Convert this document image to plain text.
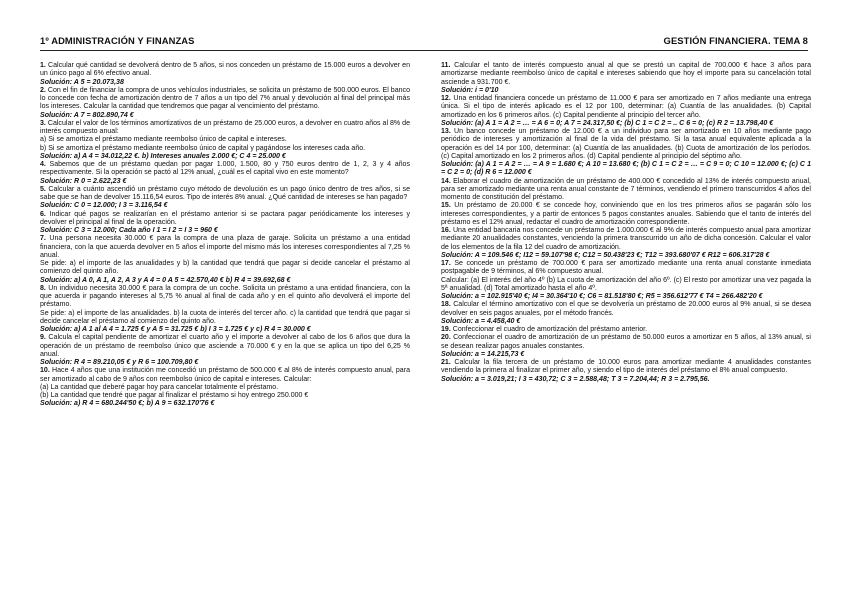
1º ADMINISTRACIÓN Y FINANZAS	GESTIÓN FINANCIERA. TEMA 8

1. Calcular qué cantidad se devolverá dentro de 5 años, si nos conceden un préstamo de 15.000 euros a devolver en un único pago al 6% efectivo anual.

Solución: A 5 = 20.073,38

2. Con el fin de financiar la compra de unos vehículos industriales, se solicita un préstamo de 500.000 euros. El banco lo concede con fecha de amortización dentro de 7 años a un tipo del 7% anual y devolución al final del principal más los intereses. Calcular la cantidad que tendremos que pagar al vencimiento del préstamo.

Solución: A 7 = 802.890,74 €

3. Calcular el valor de los términos amortizativos de un préstamo de 25.000 euros, a devolver en cuatro años al 8% de interés compuesto anual:

a) Si se amortiza el préstamo mediante reembolso único de capital e intereses.

b) Si se amortiza el préstamo mediante reembolso único de capital y pagándose los intereses cada año.

Solución: a) A 4 = 34.012,22 €. b) Intereses anuales 2.000 €; C 4 = 25.000 €

4. Sabemos que de un préstamo quedan por pagar 1.000, 1.500, 80 y 750 euros dentro de 1, 2, 3 y 4 años respectivamente. Si la operación se pactó al 12% anual, ¿cuál es el capital vivo en este momento?

Solución: R 0 = 2.622,23 €

5. Calcular a cuánto ascendió un préstamo cuyo método de devolución es un pago único dentro de tres años, si se sabe que se han de devolver 15.116,54 euros. Tipo de interés 8% anual. ¿Qué cantidad de intereses se han pagado?

Solución: C 0 = 12.000; I 3 = 3.116,54 €

6. Indicar qué pagos se realizarían en el préstamo anterior si se pactara pagar periódicamente los intereses y devolver el principal al final de la operación.

Solución: C 3 = 12.000; Cada año I 1 = I 2 = I 3 = 960 €

7. Una persona necesita 30.000 € para la compra de una plaza de garaje. Solicita un préstamo a una entidad financiera, con la que acuerda devolver en 5 años el importe del mismo más los intereses correspondientes al 7,25 % anual.

Se pide: a) el importe de las anualidades y b) la cantidad que tendrá que pagar si decide cancelar el préstamo al comienzo del quinto año.

Solución: a) A 0, A 1, A 2, A 3 y A 4 = 0 A 5 = 42.570,40 € b) R 4 = 39.692,68 €

8. Un individuo necesita 30.000 € para la compra de un coche. Solicita un préstamo a una entidad financiera, con la que acuerda ir pagando intereses al 5,75 % anual al final de cada año y en el quinto año devolverá el importe del préstamo.

Se pide: a) el importe de las anualidades. b) la cuota de interés del tercer año. c) la cantidad que tendrá que pagar si decide cancelar el préstamo al comienzo del quinto año.

Solución: a) A 1 al A 4 = 1.725 € y A 5 = 31.725 € b) I 3 = 1.725 € y c) R 4 = 30.000 €

9. Calcula el capital pendiente de amortizar el cuarto año y el importe a devolver al cabo de los 6 años que dura la operación de un préstamo de reembolso único que asciende a 70.000 € y en la que se aplica un tipo del 6,25 % anual.

Solución: R 4 = 89.210,05 € y R 6 = 100.709,80 €

10. Hace 4 años que una institución me concedió un préstamo de 500.000 € al 8% de interés compuesto anual, para ser amortizado al cabo de 9 años con reembolso único de capital e intereses. Calcular:

(a) La cantidad que deberé pagar hoy para cancelar totalmente el préstamo.

(b) La cantidad que tendré que pagar al finalizar el préstamo si hoy entrego 250.000 €

Solución: a) R 4 = 680.244'50 €; b) A 9 = 632.170'76 €

11. Calcular el tanto de interés compuesto anual al que se prestó un capital de 700.000 € hace 3 años para amortizarse mediante reembolso único de capital e intereses sabiendo que hoy el importe para su cancelación total asciende a 931.700 €.

Solución: i = 0'10

12. Una entidad financiera concede un préstamo de 11.000 € para ser amortizado en 7 años mediante una entrega única. Si el tipo de interés aplicado es el 12 por 100, determinar: (a) Cuantía de las anualidades. (b) Capital amortizado en los 6 primeros años. (c) Capital pendiente al principio del tercer año.

Solución: (a) A 1 = A 2 = … = A 6 = 0; A 7 = 24.317,50 €; (b) C 1 = C 2 = .. C 6 = 0; (c) R 2 = 13.798,40 €

13. Un banco concede un préstamo de 12.000 € a un individuo para ser amortizado en 10 años mediante pago periódico de intereses y amortización al final de la vida del préstamo. Si la tasa anual equivalente aplicada a la operación es del 14 por 100, determinar: (a) Cuantía de las anualidades. (b) Cuota de amortización de los períodos. (c) Capital amortizado en los 2 primeros años. (d) Capital pendiente al principio del séptimo año.

Solución: (a) A 1 = A 2 = … = A 9 = 1.680 €; A 10 = 13.680 €; (b) C 1 = C 2 = … = C 9 = 0; C 10 = 12.000 €; (c) C 1 = C 2 = 0; (d) R 6 = 12.000 €

14. Elaborar el cuadro de amortización de un préstamo de 400.000 € concedido al 13% de interés compuesto anual, para ser amortizado mediante una renta anual constante de 7 términos, vendiendo el primero transcurridos 4 años del momento de constitución del préstamo.

15. Un préstamo de 20.000 € se concede hoy, conviniendo que en los tres primeros años se pagarán sólo los intereses correspondientes, y a partir de entonces 5 pagos constantes anuales. Sabiendo que el tanto de interés del préstamo es el 12% anual, redactar el cuadro de amortización correspondiente.

16. Una entidad bancaria nos concede un préstamo de 1.000.000 € al 9% de interés compuesto anual para amortizar mediante 20 anualidades constantes, venciendo la primera transcurrido un año de dicha concesión. Calcular el valor de los elementos de la fila 12 del cuadro de amortización.

Solución: A = 109.546 €; I12 = 59.107'98 €; C12 = 50.438'23 €; T12 = 393.680'07 € R12 = 606.317'28 €

17. Se concede un préstamo de 700.000 € para ser amortizado mediante una renta anual constante inmediata postpagable de 9 términos, al 6% compuesto anual.

Calcular: (a) El interés del año 4º (b) La cuota de amortización del año 6º. (c) El resto por amortizar una vez pagada la 5ª anualidad. (d) Total amortizado hasta el año 4º.

Solución: a = 102.915'40 €; I4 = 30.364'10 €; C6 = 81.518'80 €; R5 = 356.612'77 € T4 = 266.482'20 €

18. Calcular el término amortizativo con el que se devolvería un préstamo de 20.000 euros al 9% anual, si se desea devolver en seis pagos anuales, por el método francés.

Solución: a = 4.458,40 €

19. Confeccionar el cuadro de amortización del préstamo anterior.

20. Confeccionar el cuadro de amortización de un préstamo de 50.000 euros a amortizar en 5 años, al 13% anual, si se desean realizar pagos anuales constantes.

Solución: a = 14.215,73 €

21. Calcular la fila tercera de un préstamo de 10.000 euros para amortizar mediante 4 anualidades constantes vendiendo la primera al finalizar el primer año, y siendo el tipo de interés del préstamo el 8% anual compuesto.

Solución: a = 3.019,21; I 3 = 430,72; C 3 = 2.588,48; T 3 = 7.204,44; R 3 = 2.795,56.
